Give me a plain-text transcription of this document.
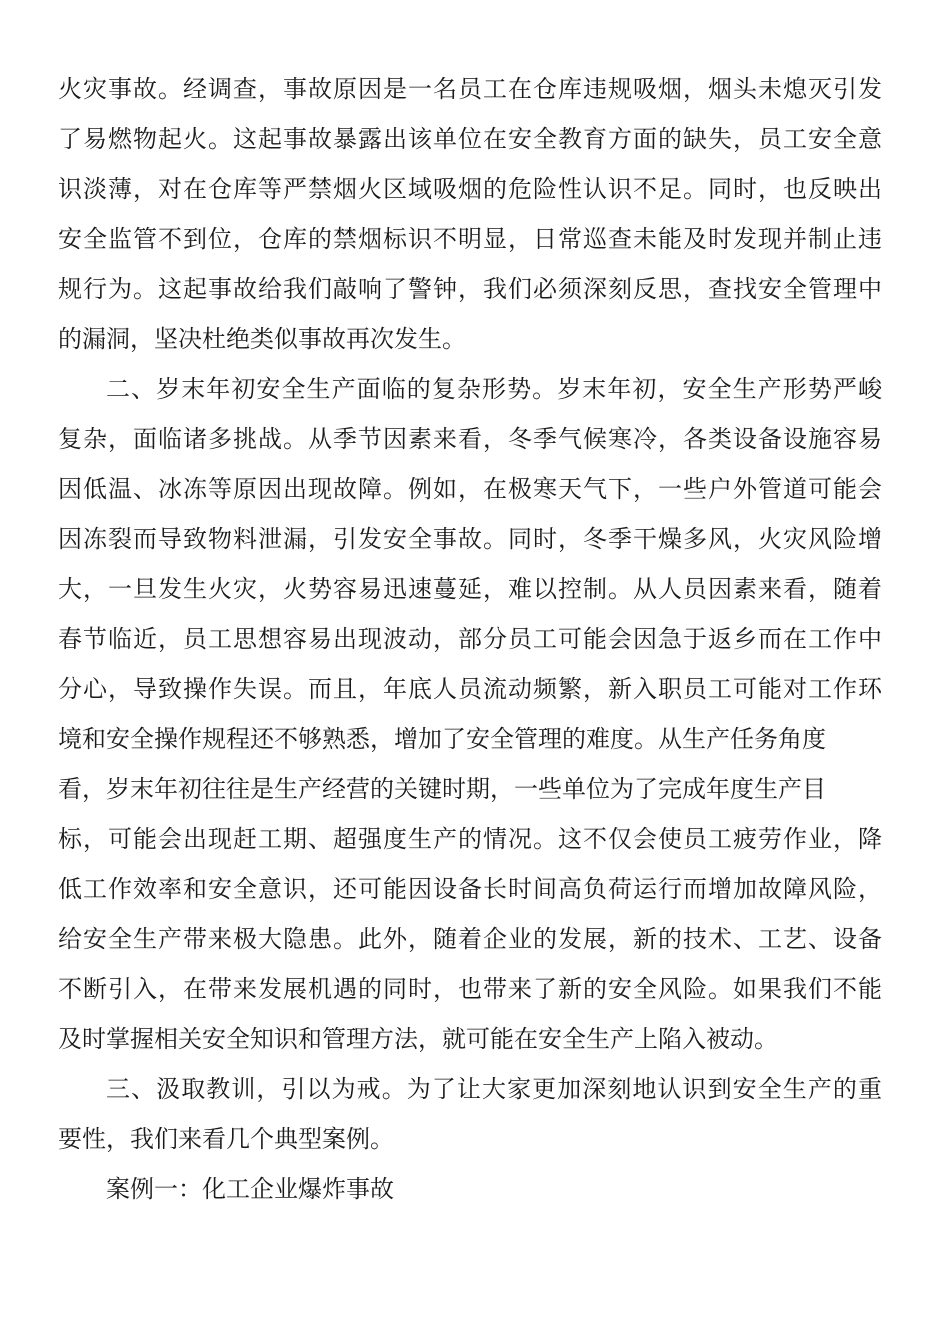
火灾事故。经调查，事故原因是一名员工在仓库违规吸烟，烟头未熄灭引发
了易燃物起火。这起事故暴露出该单位在安全教育方面的缺失，员工安全意
识淡薄，对在仓库等严禁烟火区域吸烟的危险性认识不足。同时，也反映出
安全监管不到位，仓库的禁烟标识不明显，日常巡查未能及时发现并制止违
规行为。这起事故给我们敲响了警钟，我们必须深刻反思，查找安全管理中
的漏洞，坚决杜绝类似事故再次发生。
二、岁末年初安全生产面临的复杂形势。岁末年初，安全生产形势严峻
复杂，面临诸多挑战。从季节因素来看，冬季气候寒冷，各类设备设施容易
因低温、冰冻等原因出现故障。例如，在极寒天气下，一些户外管道可能会
因冻裂而导致物料泄漏，引发安全事故。同时，冬季干燥多风，火灾风险增
大，一旦发生火灾，火势容易迅速蔓延，难以控制。从人员因素来看，随着
春节临近，员工思想容易出现波动，部分员工可能会因急于返乡而在工作中
分心，导致操作失误。而且，年底人员流动频繁，新入职员工可能对工作环
境和安全操作规程还不够熟悉，增加了安全管理的难度。从生产任务角度
看，岁末年初往往是生产经营的关键时期，一些单位为了完成年度生产目
标，可能会出现赶工期、超强度生产的情况。这不仅会使员工疲劳作业，降
低工作效率和安全意识，还可能因设备长时间高负荷运行而增加故障风险，
给安全生产带来极大隐患。此外，随着企业的发展，新的技术、工艺、设备
不断引入，在带来发展机遇的同时，也带来了新的安全风险。如果我们不能
及时掌握相关安全知识和管理方法，就可能在安全生产上陷入被动。
三、汲取教训，引以为戒。为了让大家更加深刻地认识到安全生产的重
要性，我们来看几个典型案例。
案例一：化工企业爆炸事故
